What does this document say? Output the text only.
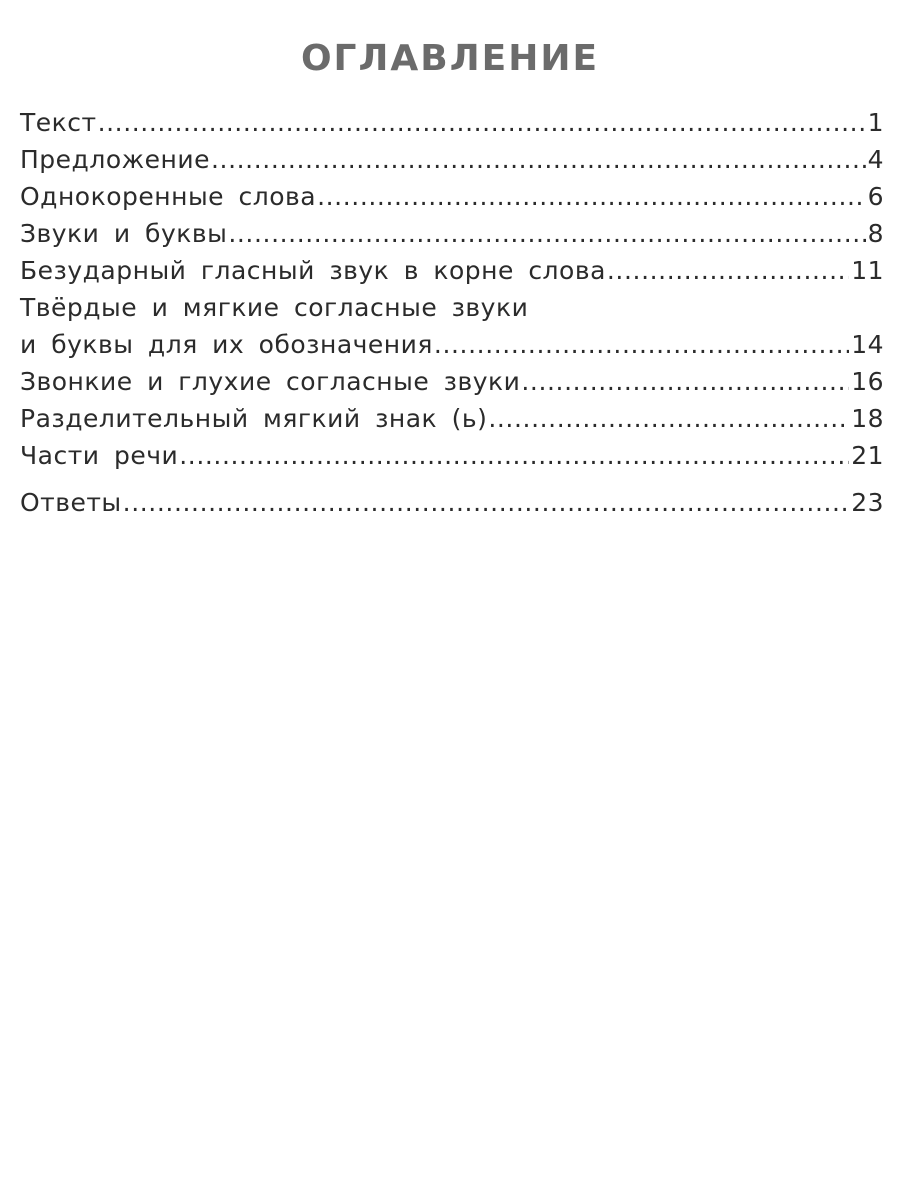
ОГЛАВЛЕНИЕ
Текст .....	1
Предложение .....	4
Однокоренные слова .....	6
Звуки и буквы .....	8
Безударный гласный звук в корне слова .....	11
Твёрдые и мягкие согласные звуки
и буквы для их обозначения .....	14
Звонкие и глухие согласные звуки .....	16
Разделительный мягкий знак (ь) .....	18
Части речи .....	21
Ответы .....	23
